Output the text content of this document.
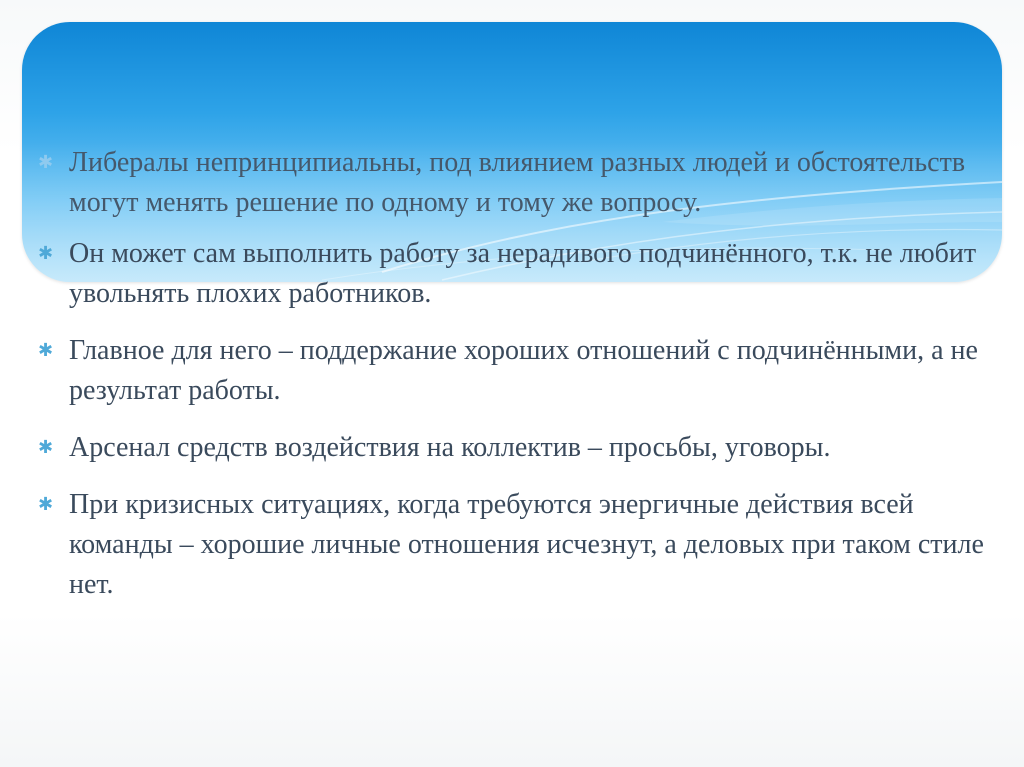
✱ Либералы непринципиальны, под влиянием разных людей и обстоятельств могут менять решение по одному и тому же вопросу.
✱ Он может сам выполнить работу за нерадивого подчинённого, т.к. не любит увольнять плохих работников.
✱ Главное для него – поддержание хороших отношений с подчинёнными, а не результат работы.
✱ Арсенал средств воздействия на коллектив – просьбы, уговоры.
✱ При кризисных ситуациях, когда требуются энергичные действия всей команды – хорошие личные отношения исчезнут, а деловых при таком стиле нет.
